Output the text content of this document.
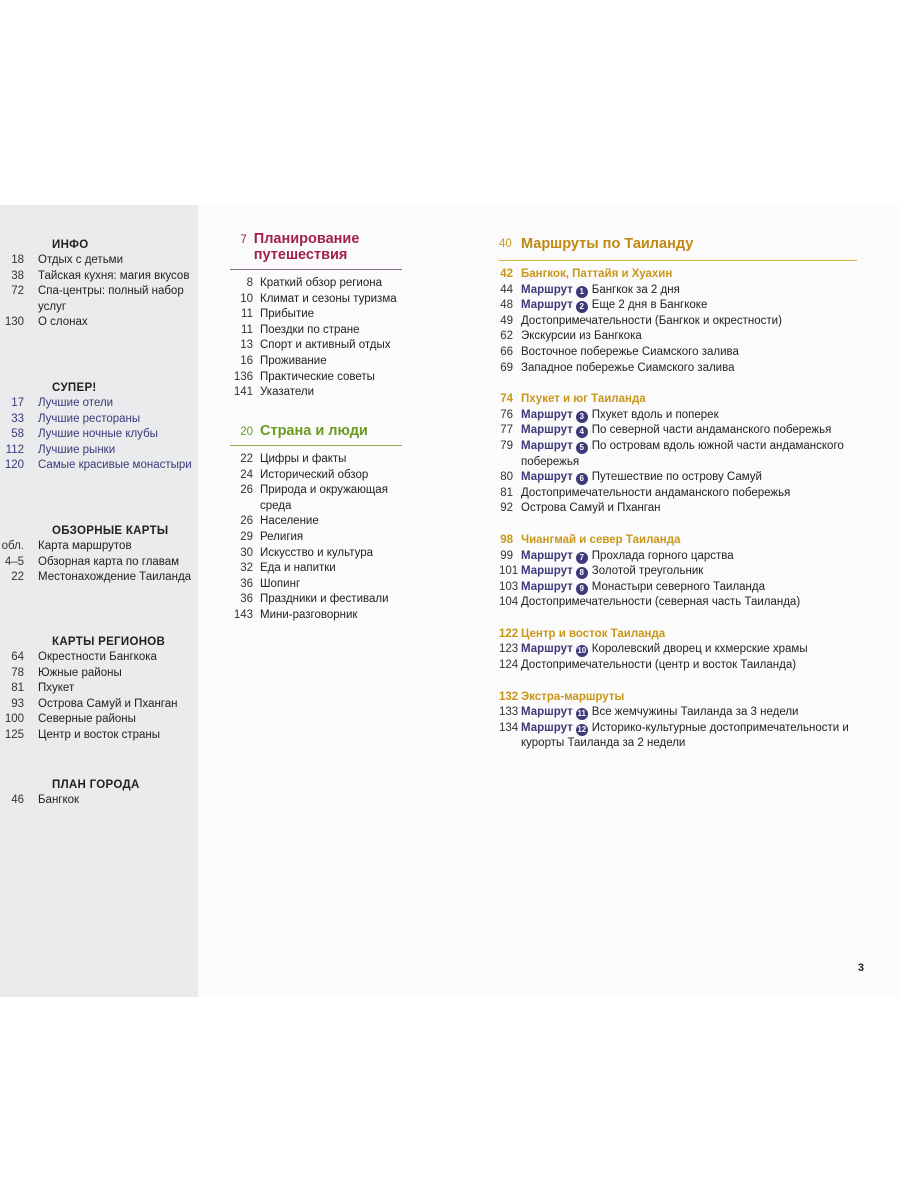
ИНФО
18	Отдых с детьми
38	Тайская кухня: магия вкусов
72	Спа-центры: полный набор услуг
130	О слонах
СУПЕР!
17	Лучшие отели
33	Лучшие рестораны
58	Лучшие ночные клубы
112	Лучшие рынки
120	Самые красивые монастыри
ОБЗОРНЫЕ КАРТЫ
обл.	Карта маршрутов
4–5	Обзорная карта по главам
22	Местонахождение Таиланда
КАРТЫ РЕГИОНОВ
64	Окрестности Бангкока
78	Южные районы
81	Пхукет
93	Острова Самуй и Пханган
100	Северные районы
125	Центр и восток страны
ПЛАН ГОРОДА
46	Бангкок
7 Планирование путешествия
8 Краткий обзор региона
10 Климат и сезоны туризма
11 Прибытие
11 Поездки по стране
13 Спорт и активный отдых
16 Проживание
136 Практические советы
141 Указатели
20 Страна и люди
22 Цифры и факты
24 Исторический обзор
26 Природа и окружающая среда
26 Население
29 Религия
30 Искусство и культура
32 Еда и напитки
36 Шопинг
36 Праздники и фестивали
143 Мини-разговорник
40 Маршруты по Таиланду
42 Бангкок, Паттайя и Хуахин
44 Маршрут 1 Бангкок за 2 дня
48 Маршрут 2 Еще 2 дня в Бангкоке
49 Достопримечательности (Бангкок и окрестности)
62 Экскурсии из Бангкока
66 Восточное побережье Сиамского залива
69 Западное побережье Сиамского залива
74 Пхукет и юг Таиланда
76 Маршрут 3 Пхукет вдоль и поперек
77 Маршрут 4 По северной части андаманского побережья
79 Маршрут 5 По островам вдоль южной части андаманского побережья
80 Маршрут 6 Путешествие по острову Самуй
81 Достопримечательности андаманского побережья
92 Острова Самуй и Пханган
98 Чиангмай и север Таиланда
99 Маршрут 7 Прохлада горного царства
101 Маршрут 8 Золотой треугольник
103 Маршрут 9 Монастыри северного Таиланда
104 Достопримечательности (северная часть Таиланда)
122 Центр и восток Таиланда
123 Маршрут 10 Королевский дворец и кхмерские храмы
124 Достопримечательности (центр и восток Таиланда)
132 Экстра-маршруты
133 Маршрут 11 Все жемчужины Таиланда за 3 недели
134 Маршрут 12 Историко-культурные достопримечательности и курорты Таиланда за 2 недели
3
